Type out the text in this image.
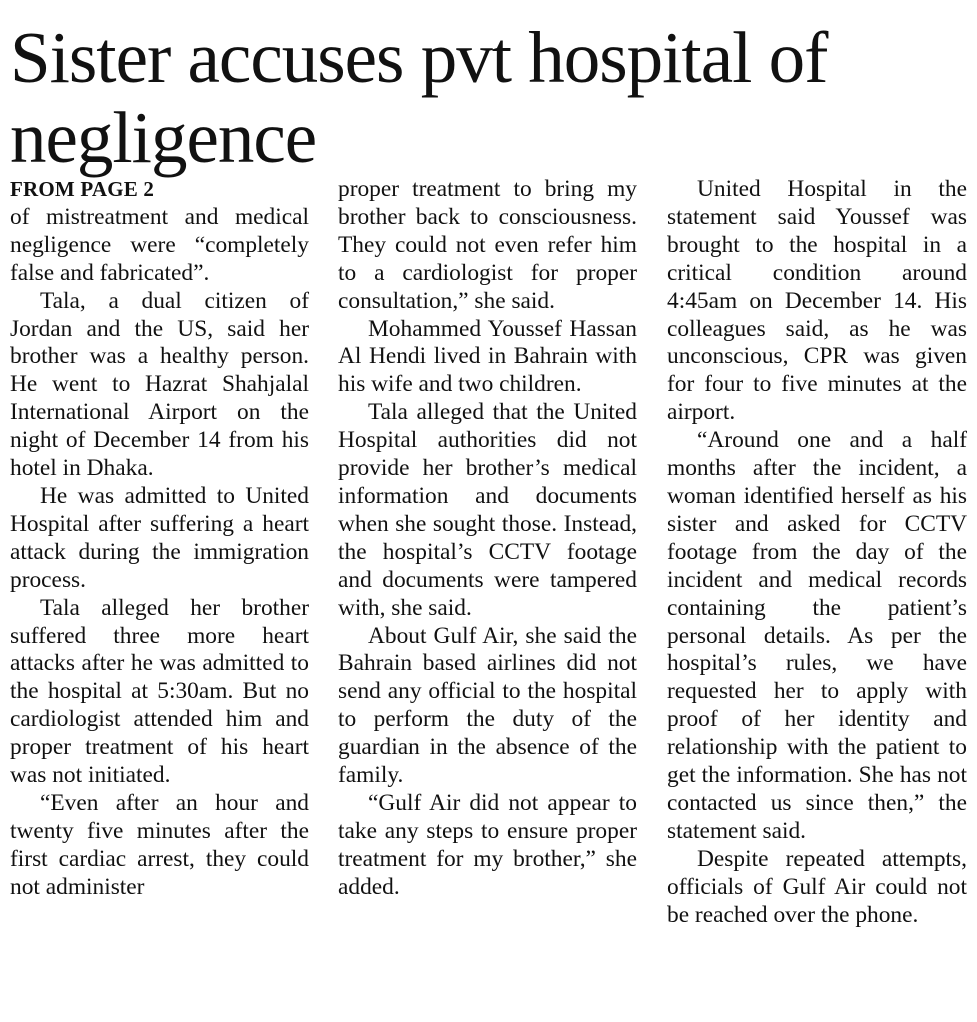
Sister accuses pvt hospital of negligence
FROM PAGE 2

of mistreatment and medical negligence were “completely false and fabricated”.

Tala, a dual citizen of Jordan and the US, said her brother was a healthy person. He went to Hazrat Shahjalal International Airport on the night of December 14 from his hotel in Dhaka.

He was admitted to United Hospital after suffering a heart attack during the immigration process.

Tala alleged her brother suffered three more heart attacks after he was admitted to the hospital at 5:30am. But no cardiologist attended him and proper treatment of his heart was not initiated.

“Even after an hour and twenty five minutes after the first cardiac arrest, they could not administer

proper treatment to bring my brother back to consciousness. They could not even refer him to a cardiologist for proper consultation,” she said.

Mohammed Youssef Hassan Al Hendi lived in Bahrain with his wife and two children.

Tala alleged that the United Hospital authorities did not provide her brother’s medical information and documents when she sought those. Instead, the hospital’s CCTV footage and documents were tampered with, she said.

About Gulf Air, she said the Bahrain based airlines did not send any official to the hospital to perform the duty of the guardian in the absence of the family.

“Gulf Air did not appear to take any steps to ensure proper treatment for my brother,” she added.

United Hospital in the statement said Youssef was brought to the hospital in a critical condition around 4:45am on December 14. His colleagues said, as he was unconscious, CPR was given for four to five minutes at the airport.

“Around one and a half months after the incident, a woman identified herself as his sister and asked for CCTV footage from the day of the incident and medical records containing the patient’s personal details. As per the hospital’s rules, we have requested her to apply with proof of her identity and relationship with the patient to get the information. She has not contacted us since then,” the statement said.

Despite repeated attempts, officials of Gulf Air could not be reached over the phone.
